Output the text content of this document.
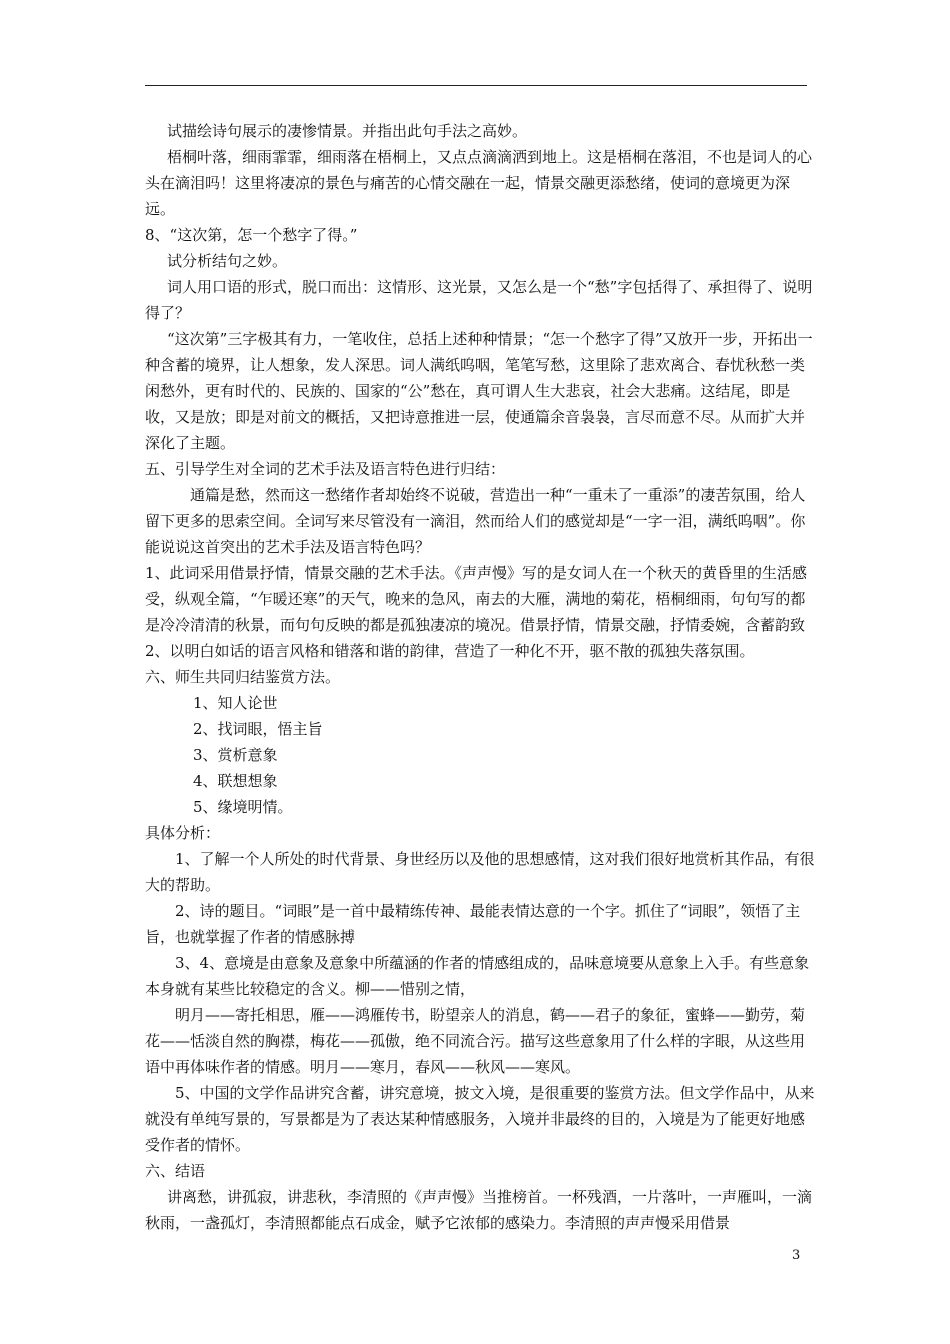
试描绘诗句展示的凄惨情景。并指出此句手法之高妙。

梧桐叶落，细雨霏霏，细雨落在梧桐上，又点点滴滴洒到地上。这是梧桐在落泪，不也是词人的心头在滴泪吗！这里将凄凉的景色与痛苦的心情交融在一起，情景交融更添愁绪，使词的意境更为深远。

8、“这次第，怎一个愁字了得。”

试分析结句之妙。

词人用口语的形式，脱口而出：这情形、这光景，又怎么是一个“愁”字包括得了、承担得了、说明得了？

“这次第”三字极其有力，一笔收住，总括上述种种情景；“怎一个愁字了得”又放开一步，开拓出一种含蓄的境界，让人想象，发人深思。词人满纸呜咽，笔笔写愁，这里除了悲欢离合、春忧秋愁一类闲愁外，更有时代的、民族的、国家的“公”愁在，真可谓人生大悲哀，社会大悲痛。这结尾，即是收，又是放；即是对前文的概括，又把诗意推进一层，使通篇余音袅袅，言尽而意不尽。从而扩大并深化了主题。

五、引导学生对全词的艺术手法及语言特色进行归结：

通篇是愁，然而这一愁绪作者却始终不说破，营造出一种“一重未了一重添”的凄苦氛围，给人留下更多的思索空间。全词写来尽管没有一滴泪，然而给人们的感觉却是“一字一泪，满纸呜咽”。你能说说这首突出的艺术手法及语言特色吗？

1、此词采用借景抒情，情景交融的艺术手法。《声声慢》写的是女词人在一个秋天的黄昏里的生活感受，纵观全篇，“乍暖还寒”的天气，晚来的急风，南去的大雁，满地的菊花，梧桐细雨，句句写的都是冷冷清清的秋景，而句句反映的都是孤独凄凉的境况。借景抒情，情景交融，抒情委婉，含蓄韵致

2、以明白如话的语言风格和错落和谐的韵律，营造了一种化不开，驱不散的孤独失落氛围。

六、师生共同归结鉴赏方法。

1、知人论世

2、找词眼，悟主旨

3、赏析意象

4、联想想象

5、缘境明情。

具体分析：

1、了解一个人所处的时代背景、身世经历以及他的思想感情，这对我们很好地赏析其作品，有很大的帮助。

2、诗的题目。“词眼”是一首中最精练传神、最能表情达意的一个字。抓住了“词眼”，领悟了主旨，也就掌握了作者的情感脉搏

3、4、意境是由意象及意象中所蕴涵的作者的情感组成的，品味意境要从意象上入手。有些意象本身就有某些比较稳定的含义。柳——惜别之情，

明月——寄托相思，雁——鸿雁传书，盼望亲人的消息，鹤——君子的象征，蜜蜂——勤劳，菊花——恬淡自然的胸襟，梅花——孤傲，绝不同流合污。描写这些意象用了什么样的字眼，从这些用语中再体味作者的情感。明月——寒月，春风——秋风——寒风。

5、中国的文学作品讲究含蓄，讲究意境，披文入境，是很重要的鉴赏方法。但文学作品中，从来就没有单纯写景的，写景都是为了表达某种情感服务，入境并非最终的目的，入境是为了能更好地感受作者的情怀。

六、结语

讲离愁，讲孤寂，讲悲秋，李清照的《声声慢》当推榜首。一杯残酒，一片落叶，一声雁叫，一滴秋雨，一盏孤灯，李清照都能点石成金，赋予它浓郁的感染力。李清照的声声慢采用借景

3
